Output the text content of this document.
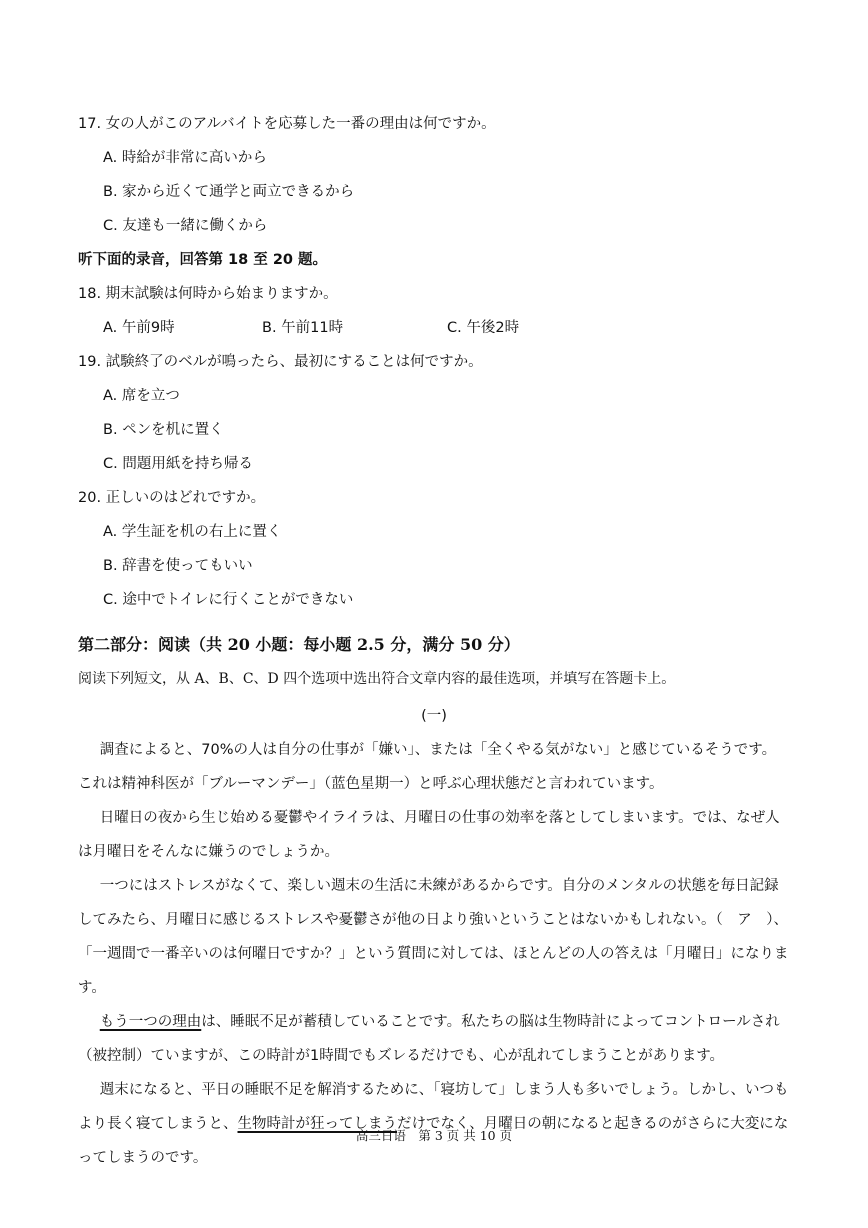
17. 女の人がこのアルバイトを応募した一番の理由は何ですか。
A. 時給が非常に高いから
B. 家から近くて通学と両立できるから
C. 友達も一緒に働くから
听下面的录音，回答第 18 至 20 题。
18. 期末試験は何時から始まりますか。
A. 午前9時	B. 午前11時	C. 午後2時
19. 試験終了のベルが鳴ったら、最初にすることは何ですか。
A. 席を立つ
B. ペンを机に置く
C. 問題用紙を持ち帰る
20. 正しいのはどれですか。
A. 学生証を机の右上に置く
B. 辞書を使ってもいい
C. 途中でトイレに行くことができない
第二部分：阅读（共 20 小题：每小题 2.5 分，满分 50 分）
阅读下列短文，从 A、B、C、D 四个选项中选出符合文章内容的最佳选项，并填写在答题卡上。
(一)

調査によると、70%の人は自分の仕事が「嫌い」、または「全くやる気がない」と感じているそうです。これは精神科医が「ブルーマンデー」（蓝色星期一）と呼ぶ心理状態だと言われています。

日曜日の夜から生じ始める憂鬱やイライラは、月曜日の仕事の効率を落としてしまいます。では、なぜ人は月曜日をそんなに嫌うのでしょうか。

一つにはストレスがなくて、楽しい週末の生活に未練があるからです。自分のメンタルの状態を毎日記録してみたら、月曜日に感じるストレスや憂鬱さが他の日より強いということはないかもしれない。（　ア　）、「一週間で一番辛いのは何曜日ですか？」という質問に対しては、ほとんどの人の答えは「月曜日」になります。

もう一つの理由は、睡眠不足が蓄積していることです。私たちの脳は生物時計によってコントロールされ（被控制）ていますが、この時計が1時間でもズレるだけでも、心が乱れてしまうことがあります。

週末になると、平日の睡眠不足を解消するために、「寝坊して」しまう人も多いでしょう。しかし、いつもより長く寝てしまうと、生物時計が狂ってしまうだけでなく、月曜日の朝になると起きるのがさらに大変になってしまうのです。

高三日语　第 3 页 共 10 页
